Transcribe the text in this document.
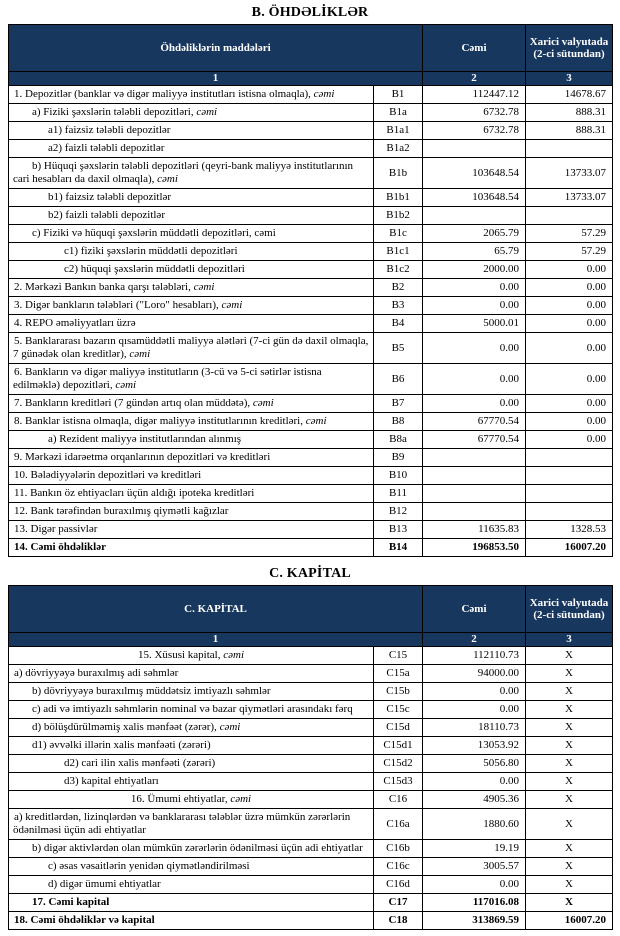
B. ÖHDƏLİKLƏR
Öhdəliklərin maddələri		Cəmi	Xarici valyutada (2-ci sütundan)
1		2	3
1. Depozitlər (banklar və digər maliyyə institutları istisna olmaqla), cəmi	B1	112447.12	14678.67
a) Fiziki şəxslərin tələbli depozitləri, cəmi	B1a	6732.78	888.31
a1) faizsiz tələbli depozitlər	B1a1	6732.78	888.31
a2) faizli tələbli depozitlər	B1a2		
b) Hüquqi şəxslərin tələbli depozitləri (qeyri-bank maliyyə institutlarının cari hesabları da daxil olmaqla), cəmi	B1b	103648.54	13733.07
b1) faizsiz tələbli depozitlər	B1b1	103648.54	13733.07
b2) faizli tələbli depozitlər	B1b2		
c) Fiziki və hüquqi şəxslərin müddətli depozitləri, cəmi	B1c	2065.79	57.29
c1) fiziki şəxslərin müddətli depozitləri	B1c1	65.79	57.29
c2) hüquqi şəxslərin müddətli depozitləri	B1c2	2000.00	0.00
2. Mərkəzi Bankın banka qarşı tələbləri, cəmi	B2	0.00	0.00
3. Digər bankların tələbləri ("Loro" hesabları), cəmi	B3	0.00	0.00
4. REPO əməliyyatları üzrə	B4	5000.01	0.00
5. Banklararası bazarın qısamüddətli maliyyə alətləri (7-ci gün də daxil olmaqla, 7 günədək olan kreditlər), cəmi	B5	0.00	0.00
6. Bankların və digər maliyyə institutların (3-cü və 5-ci sətirlər istisna edilməklə) depozitləri, cəmi	B6	0.00	0.00
7. Bankların kreditləri (7 gündən artıq olan müddətə), cəmi	B7	0.00	0.00
8. Banklar istisna olmaqla, digər maliyyə institutlarının kreditləri, cəmi	B8	67770.54	0.00
a) Rezident maliyyə institutlarından alınmış	B8a	67770.54	0.00
9. Mərkəzi idarəetmə orqanlarının depozitləri və kreditləri	B9		
10. Bələdiyyələrin depozitləri və kreditləri	B10		
11. Bankın öz ehtiyacları üçün aldığı ipoteka kreditləri	B11		
12. Bank tərəfindən buraxılmış qiymətli kağızlar	B12		
13. Digər passivlər	B13	11635.83	1328.53
14. Cəmi öhdəliklər	B14	196853.50	16007.20
C. KAPİTAL
C. KAPİTAL		Cəmi	Xarici valyutada (2-ci sütundan)
1		2	3
15. Xüsusi kapital, cəmi	C15	112110.73	X
a) dövriyyəyə buraxılmış adi səhmlər	C15a	94000.00	X
b) dövriyyəyə buraxılmış müddətsiz imtiyazlı səhmlər	C15b	0.00	X
c) adi və imtiyazlı səhmlərin nominal və bazar qiymətləri arasındakı fərq	C15c	0.00	X
d) bölüşdürülməmiş xalis mənfəət (zərər), cəmi	C15d	18110.73	X
d1) əvvəlki illərin xalis mənfəəti (zərəri)	C15d1	13053.92	X
d2) cari ilin xalis mənfəəti (zərəri)	C15d2	5056.80	X
d3) kapital ehtiyatları	C15d3	0.00	X
16. Ümumi ehtiyatlar, cəmi	C16	4905.36	X
a) kreditlərdən, lizinqlərdən və banklararası tələblər üzrə mümkün zərərlərin ödənilməsi üçün adi ehtiyatlar	C16a	1880.60	X
b) digər aktivlərdən olan mümkün zərərlərin ödənilməsi üçün adi ehtiyatlar	C16b	19.19	X
c) əsas vəsaitlərin yenidən qiymətləndirilməsi	C16c	3005.57	X
d) digər ümumi ehtiyatlar	C16d	0.00	X
17. Cəmi kapital	C17	117016.08	X
18. Cəmi öhdəliklər və kapital	C18	313869.59	16007.20
